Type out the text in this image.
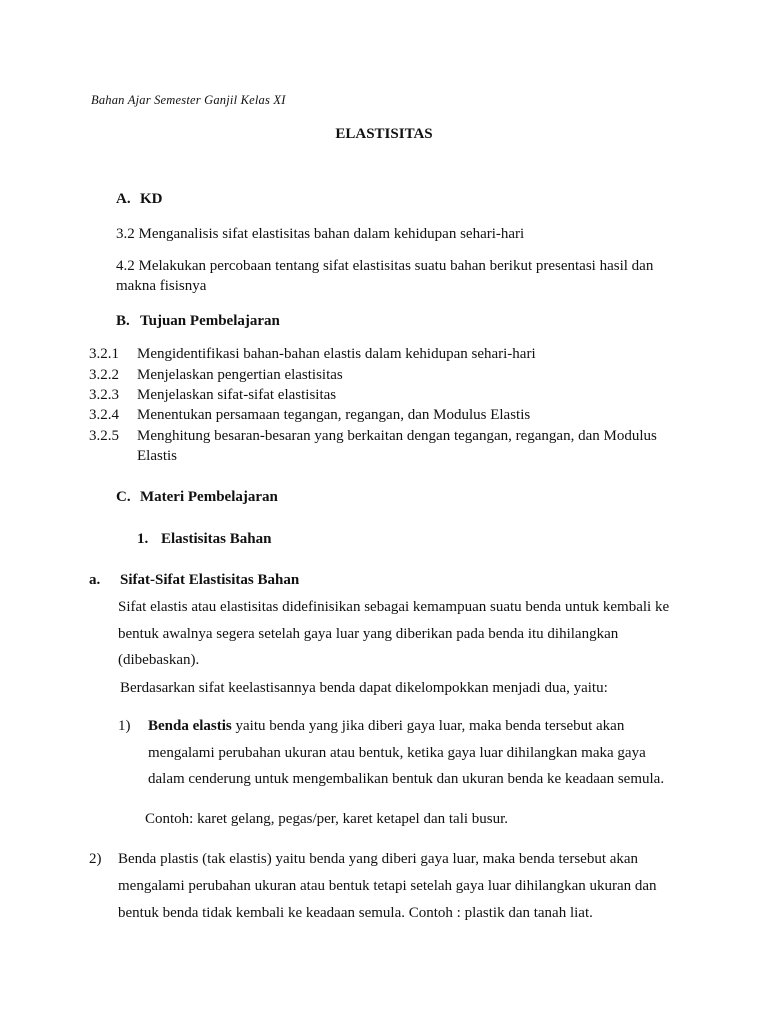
Bahan Ajar Semester Ganjil Kelas XI
ELASTISITAS
A. KD
3.2 Menganalisis sifat elastisitas bahan dalam kehidupan sehari-hari
4.2 Melakukan percobaan tentang sifat elastisitas suatu bahan berikut presentasi hasil dan
makna fisisnya
B. Tujuan Pembelajaran
3.2.1 Mengidentifikasi bahan-bahan elastis dalam kehidupan sehari-hari
3.2.2 Menjelaskan pengertian elastisitas
3.2.3 Menjelaskan sifat-sifat elastisitas
3.2.4 Menentukan persamaan tegangan, regangan, dan Modulus Elastis
3.2.5 Menghitung besaran-besaran yang berkaitan dengan tegangan, regangan, dan Modulus
Elastis
C. Materi Pembelajaran
1. Elastisitas Bahan
a. Sifat-Sifat Elastisitas Bahan
Sifat elastis atau elastisitas didefinisikan sebagai kemampuan suatu benda untuk kembali ke
bentuk awalnya segera setelah gaya luar yang diberikan pada benda itu dihilangkan
(dibebaskan).
Berdasarkan sifat keelastisannya benda dapat dikelompokkan menjadi dua, yaitu:
1) Benda elastis yaitu benda yang jika diberi gaya luar, maka benda tersebut akan
mengalami perubahan ukuran atau bentuk, ketika gaya luar dihilangkan maka gaya
dalam cenderung untuk mengembalikan bentuk dan ukuran benda ke keadaan semula.
Contoh: karet gelang, pegas/per, karet ketapel dan tali busur.
2) Benda plastis (tak elastis) yaitu benda yang diberi gaya luar, maka benda tersebut akan
mengalami perubahan ukuran atau bentuk tetapi setelah gaya luar dihilangkan ukuran dan
bentuk benda tidak kembali ke keadaan semula. Contoh : plastik dan tanah liat.
